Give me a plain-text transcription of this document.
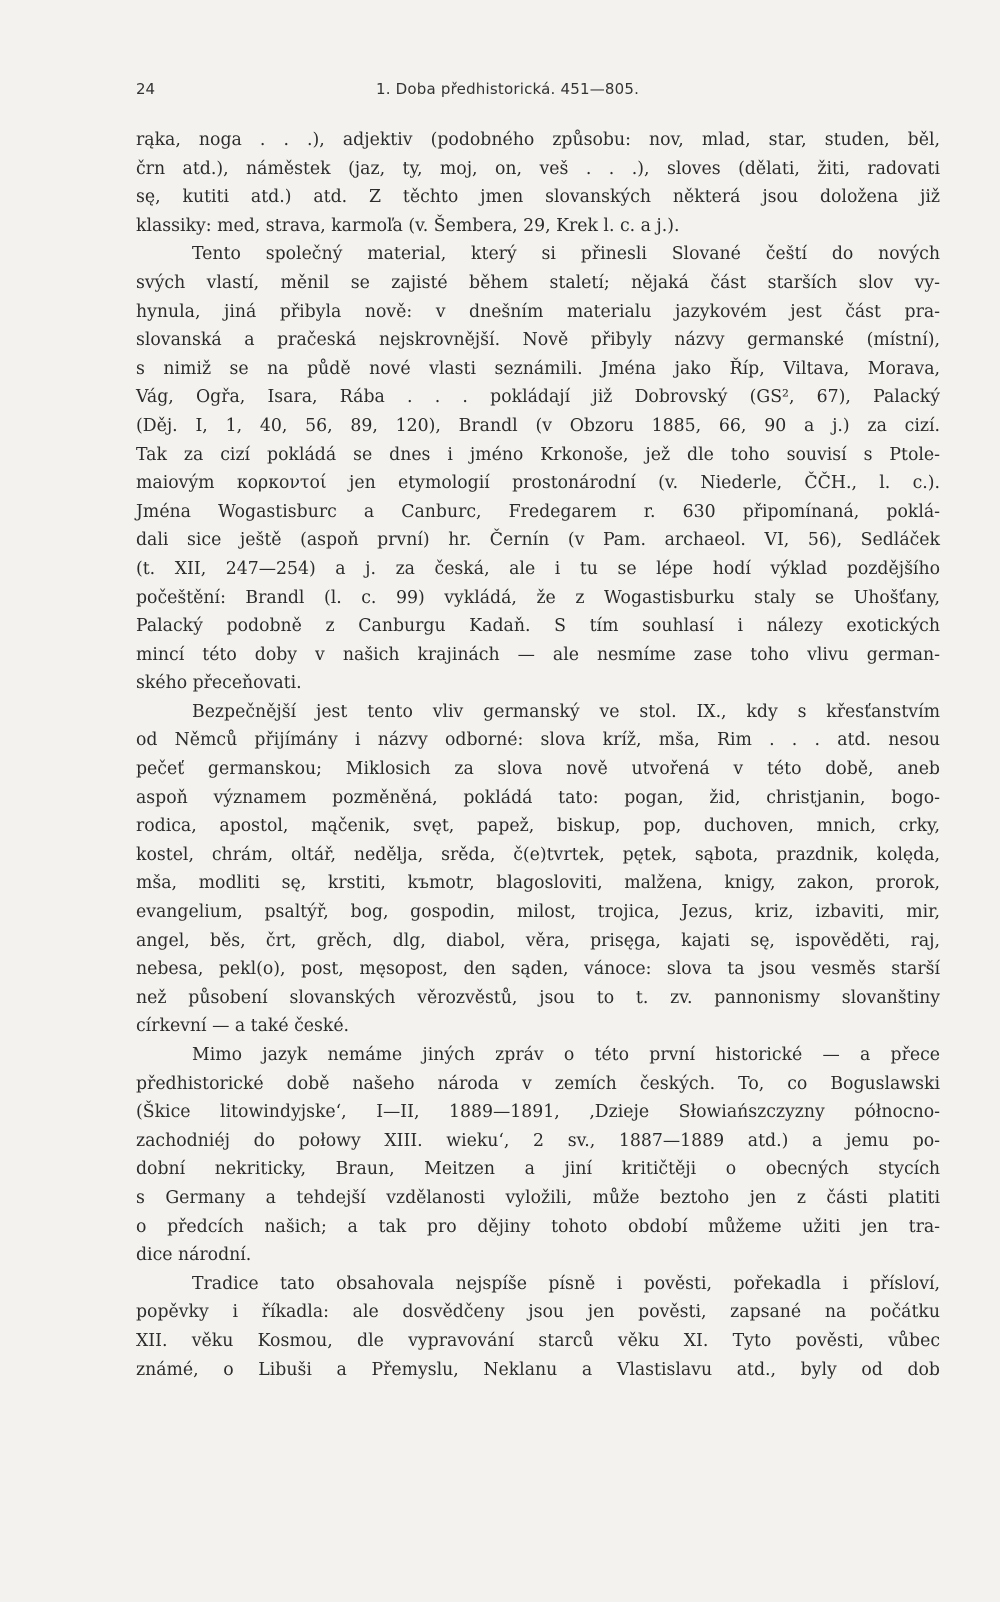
24	1. Doba předhistorická. 451—805.
rąka, noga . . .), adjektiv (podobného způsobu: nov, mlad, star, studen, běl,
črn atd.), náměstek (jaz, ty, moj, on, veš . . .), sloves (dělati, žiti, radovati
sę, kutiti atd.) atd. Z těchto jmen slovanských některá jsou doložena již
klassiky: med, strava, karmoľa (v. Šembera, 29, Krek l. c. a j.).
Tento společný material, který si přinesli Slované čeští do nových
svých vlastí, měnil se zajisté během staletí; nějaká část starších slov vy-
hynula, jiná přibyla nově: v dnešním materialu jazykovém jest část pra-
slovanská a pračeská nejskrovnější. Nově přibyly názvy germanské (místní),
s nimiž se na půdě nové vlasti seznámili. Jména jako Říp, Viltava, Morava,
Vág, Ogřa, Isara, Rába . . . pokládají již Dobrovský (GS², 67), Palacký
(Děj. I, 1, 40, 56, 89, 120), Brandl (v Obzoru 1885, 66, 90 a j.) za cizí.
Tak za cizí pokládá se dnes i jméno Krkonoše, jež dle toho souvisí s Ptole-
maiovým κορκοντοί jen etymologií prostonárodní (v. Niederle, ČČH., l. c.).
Jména Wogastisburc a Canburc, Fredegarem r. 630 připomínaná, poklá-
dali sice ještě (aspoň první) hr. Černín (v Pam. archaeol. VI, 56), Sedláček
(t. XII, 247—254) a j. za česká, ale i tu se lépe hodí výklad pozdějšího
počeštění: Brandl (l. c. 99) vykládá, že z Wogastisburku staly se Uhošťany,
Palacký podobně z Canburgu Kadaň. S tím souhlasí i nálezy exotických
mincí této doby v našich krajinách — ale nesmíme zase toho vlivu german-
ského přeceňovati.
Bezpečnější jest tento vliv germanský ve stol. IX., kdy s křesťanstvím
od Němců přijímány i názvy odborné: slova kríž, mša, Rim . . . atd. nesou
pečeť germanskou; Miklosich za slova nově utvořená v této době, aneb
aspoň významem pozměněná, pokládá tato: pogan, žid, christjanin, bogo-
rodica, apostol, mąčenik, svęt, papež, biskup, pop, duchoven, mnich, crky,
kostel, chrám, oltář, nedělja, srěda, č(e)tvrtek, pętek, sąbota, prazdnik, kolęda,
mša, modliti sę, krstiti, kъmotr, blagosloviti, malžena, knigy, zakon, prorok,
evangelium, psaltýř, bog, gospodin, milost, trojica, Jezus, kriz, izbaviti, mir,
angel, běs, črt, grěch, dlg, diabol, věra, prisęga, kajati sę, ispověděti, raj,
nebesa, pekl(o), post, męsopost, den sąden, vánoce: slova ta jsou vesměs starší
než působení slovanských věrozvěstů, jsou to t. zv. pannonismy slovanštiny
církevní — a také české.
Mimo jazyk nemáme jiných zpráv o této první historické — a přece
předhistorické době našeho národa v zemích českých. To, co Boguslawski
(Škice litowindyjske‘, I—II, 1889—1891, ‚Dzieje Słowiańszczyzny północno-
zachodniéj do połowy XIII. wieku‘, 2 sv., 1887—1889 atd.) a jemu po-
dobní nekriticky, Braun, Meitzen a jiní kritičtěji o obecných stycích
s Germany a tehdejší vzdělanosti vyložili, může beztoho jen z části platiti
o předcích našich; a tak pro dějiny tohoto období můžeme užiti jen tra-
dice národní.
Tradice tato obsahovala nejspíše písně i pověsti, pořekadla i přísloví,
popěvky i říkadla: ale dosvědčeny jsou jen pověsti, zapsané na počátku
XII. věku Kosmou, dle vypravování starců věku XI. Tyto pověsti, vůbec
známé, o Libuši a Přemyslu, Neklanu a Vlastislavu atd., byly od dob
